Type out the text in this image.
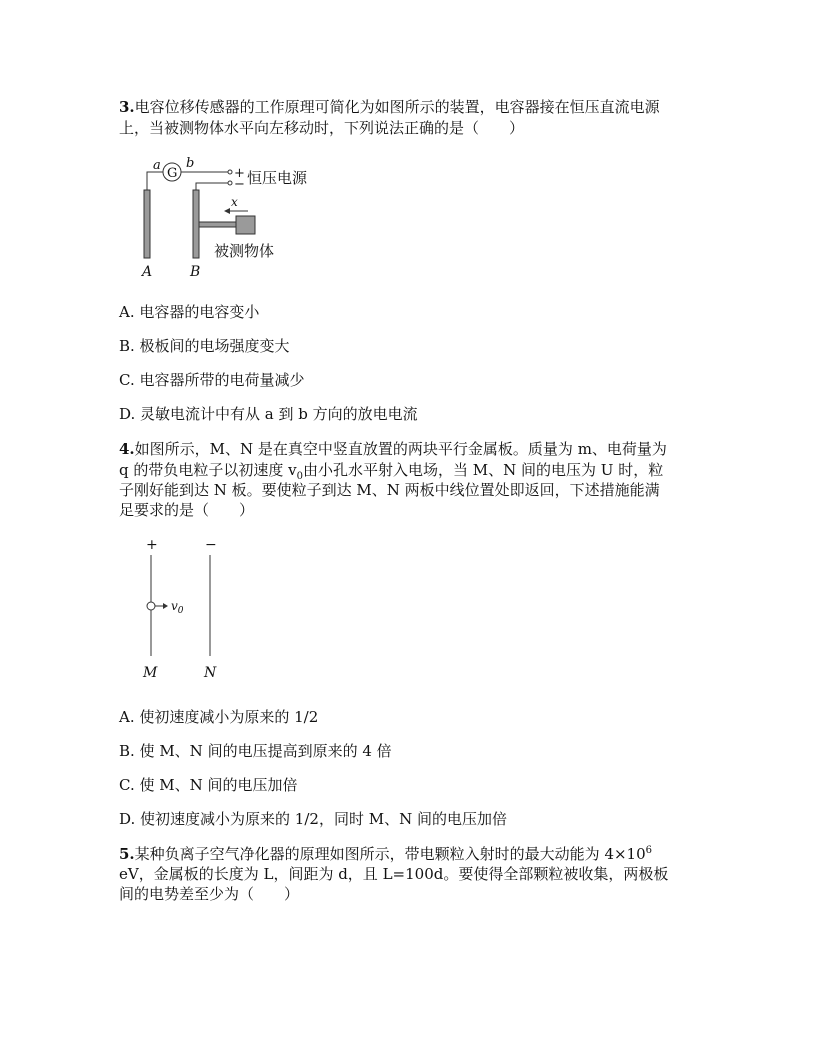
3.电容位移传感器的工作原理可简化为如图所示的装置，电容器接在恒压直流电源
上，当被测物体水平向左移动时，下列说法正确的是（　　）
a
G
b
+
− 恒压电源
x
被测物体
A	B
A. 电容器的电容变小
B. 极板间的电场强度变大
C. 电容器所带的电荷量减少
D. 灵敏电流计中有从 a 到 b 方向的放电电流
4.如图所示，M、N 是在真空中竖直放置的两块平行金属板。质量为 m、电荷量为
q 的带负电粒子以初速度 $v_0$由小孔水平射入电场，当 M、N 间的电压为 U 时，粒
子刚好能到达 N 板。要使粒子到达 M、N 两板中线位置处即返回，下述措施能满
足要求的是（　　）
+	−
$v_0$
M	N
A. 使初速度减小为原来的 1/2
B. 使 M、N 间的电压提高到原来的 4 倍
C. 使 M、N 间的电压加倍
D. 使初速度减小为原来的 1/2，同时 M、N 间的电压加倍
5.某种负离子空气净化器的原理如图所示，带电颗粒入射时的最大动能为 $4\times 10^6$
eV，金属板的长度为 L，间距为 d，且 L=100d。要使得全部颗粒被收集，两极板
间的电势差至少为（　　）
